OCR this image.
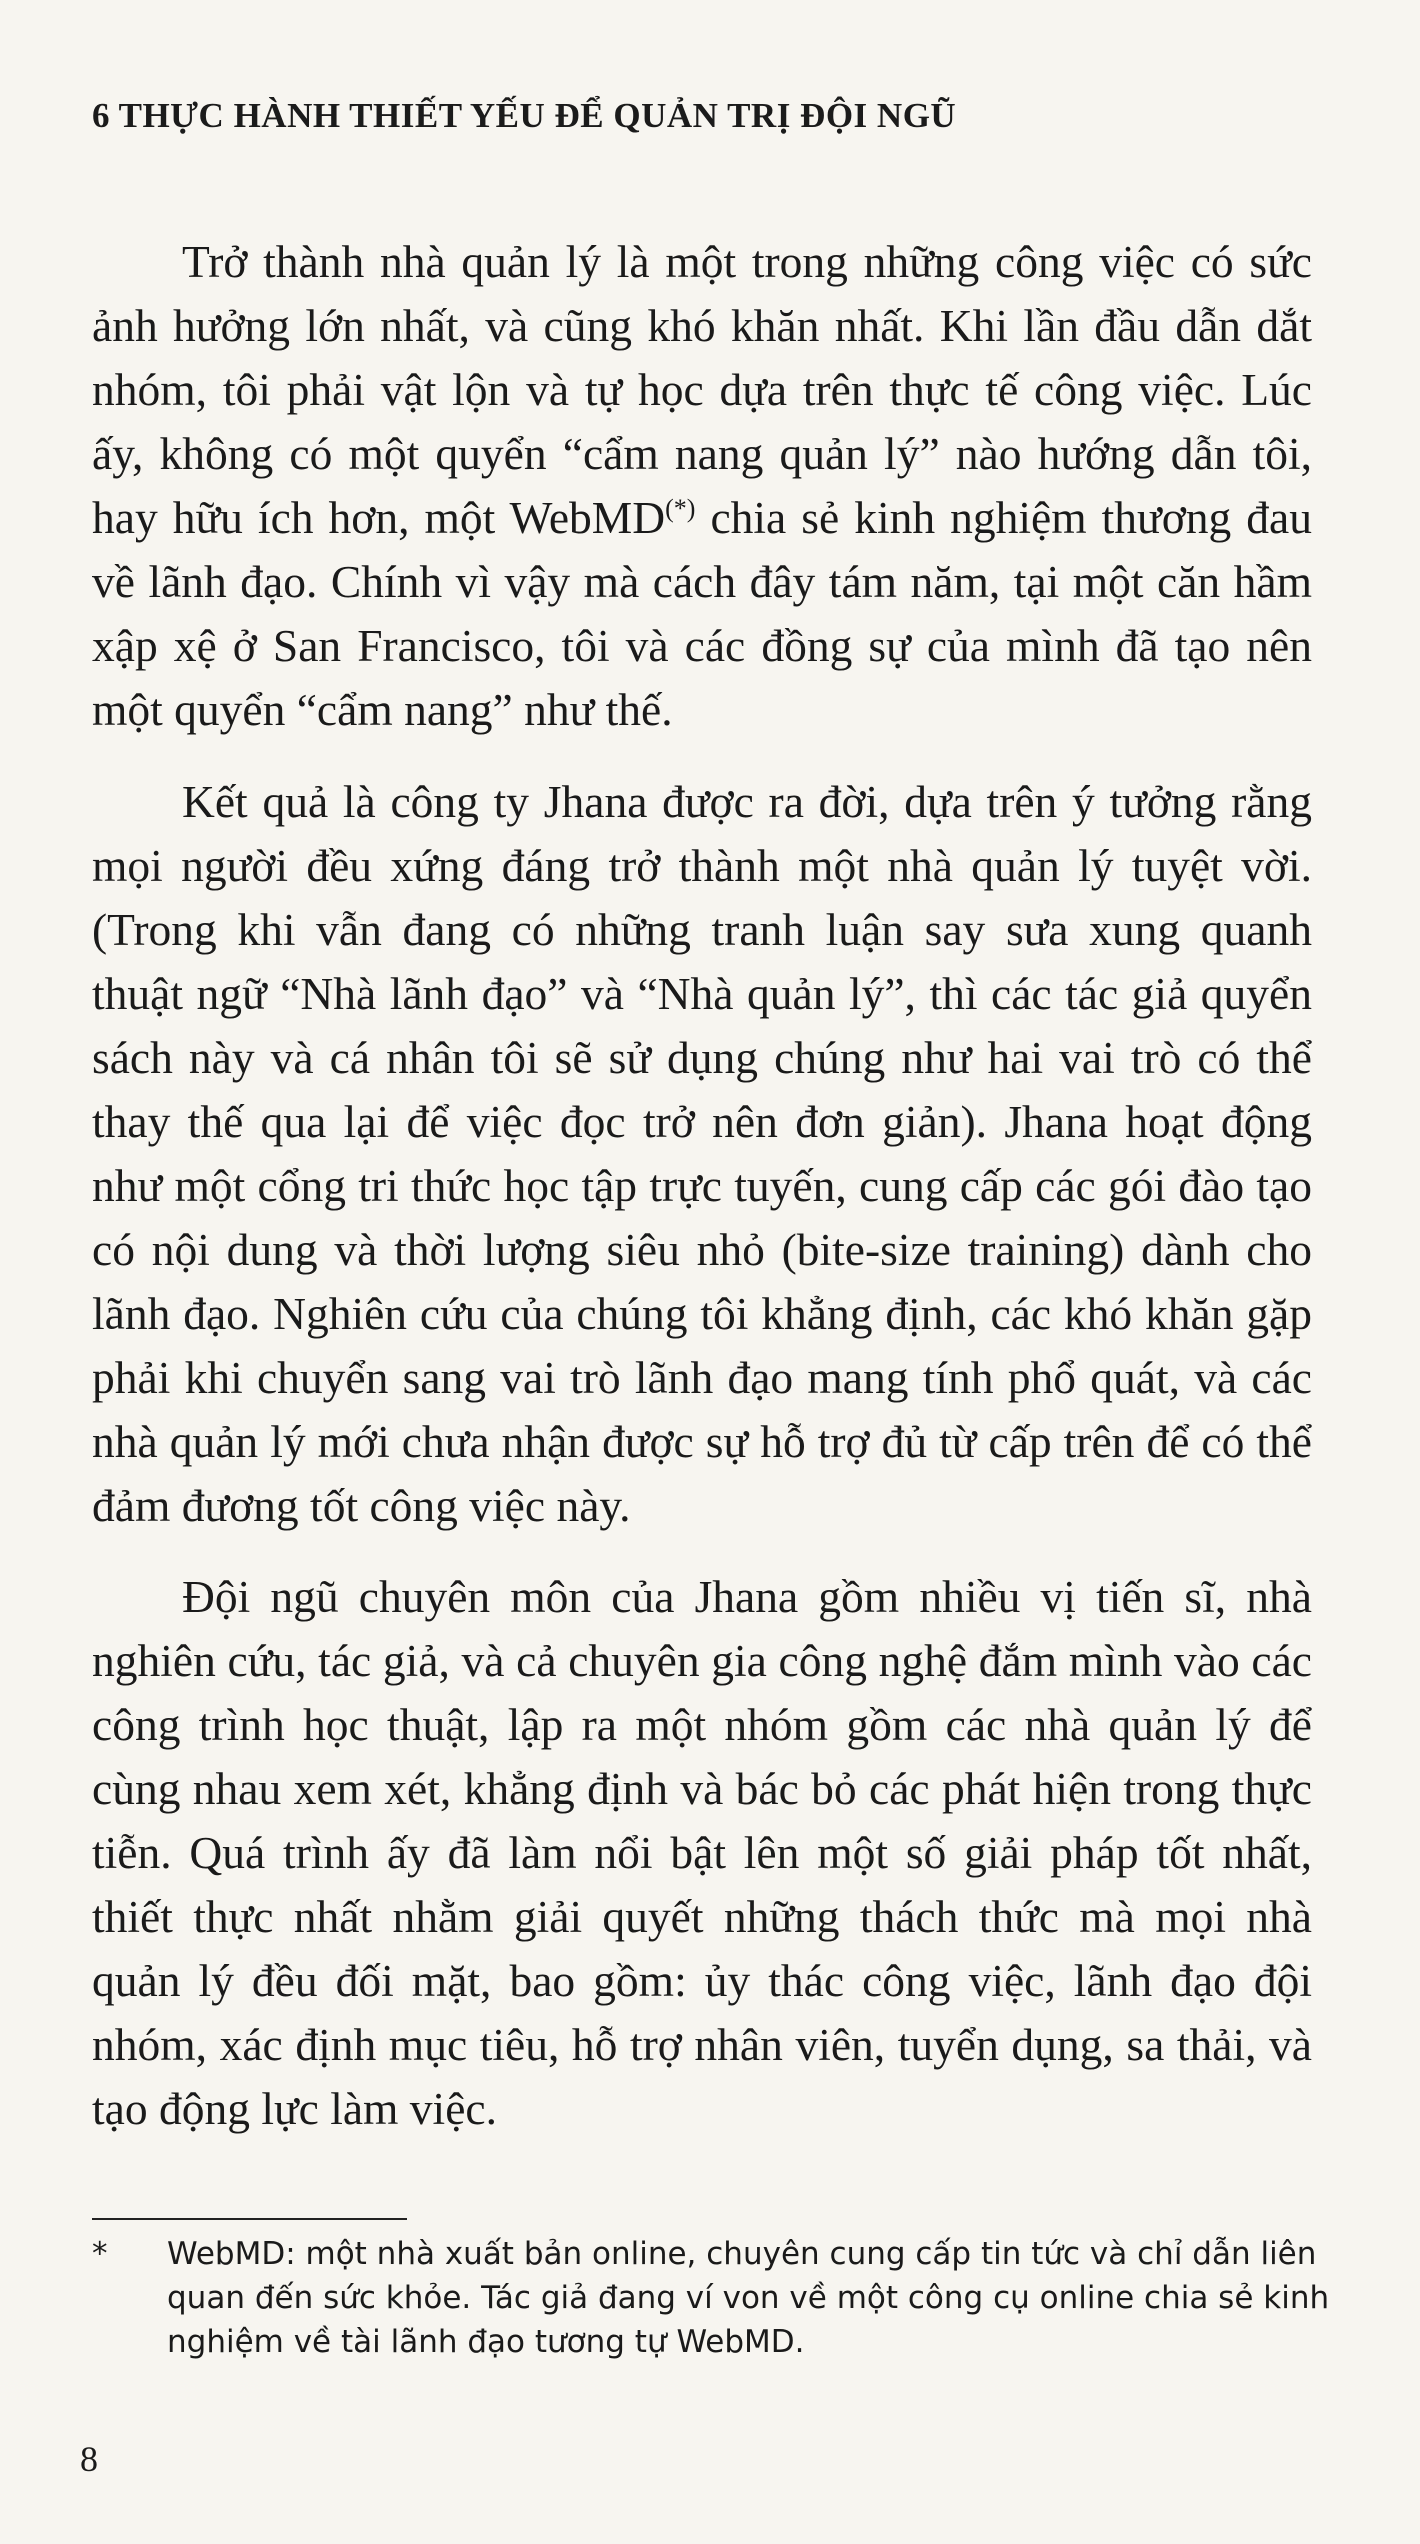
6 THỰC HÀNH THIẾT YẾU ĐỂ QUẢN TRỊ ĐỘI NGŨ

Trở thành nhà quản lý là một trong những công việc có sức ảnh hưởng lớn nhất, và cũng khó khăn nhất. Khi lần đầu dẫn dắt nhóm, tôi phải vật lộn và tự học dựa trên thực tế công việc. Lúc ấy, không có một quyển “cẩm nang quản lý” nào hướng dẫn tôi, hay hữu ích hơn, một WebMD(*) chia sẻ kinh nghiệm thương đau về lãnh đạo. Chính vì vậy mà cách đây tám năm, tại một căn hầm xập xệ ở San Francisco, tôi và các đồng sự của mình đã tạo nên một quyển “cẩm nang” như thế.

Kết quả là công ty Jhana được ra đời, dựa trên ý tưởng rằng mọi người đều xứng đáng trở thành một nhà quản lý tuyệt vời. (Trong khi vẫn đang có những tranh luận say sưa xung quanh thuật ngữ “Nhà lãnh đạo” và “Nhà quản lý”, thì các tác giả quyển sách này và cá nhân tôi sẽ sử dụng chúng như hai vai trò có thể thay thế qua lại để việc đọc trở nên đơn giản). Jhana hoạt động như một cổng tri thức học tập trực tuyến, cung cấp các gói đào tạo có nội dung và thời lượng siêu nhỏ (bite-size training) dành cho lãnh đạo. Nghiên cứu của chúng tôi khẳng định, các khó khăn gặp phải khi chuyển sang vai trò lãnh đạo mang tính phổ quát, và các nhà quản lý mới chưa nhận được sự hỗ trợ đủ từ cấp trên để có thể đảm đương tốt công việc này.

Đội ngũ chuyên môn của Jhana gồm nhiều vị tiến sĩ, nhà nghiên cứu, tác giả, và cả chuyên gia công nghệ đắm mình vào các công trình học thuật, lập ra một nhóm gồm các nhà quản lý để cùng nhau xem xét, khẳng định và bác bỏ các phát hiện trong thực tiễn. Quá trình ấy đã làm nổi bật lên một số giải pháp tốt nhất, thiết thực nhất nhằm giải quyết những thách thức mà mọi nhà quản lý đều đối mặt, bao gồm: ủy thác công việc, lãnh đạo đội nhóm, xác định mục tiêu, hỗ trợ nhân viên, tuyển dụng, sa thải, và tạo động lực làm việc.

* WebMD: một nhà xuất bản online, chuyên cung cấp tin tức và chỉ dẫn liên quan đến sức khỏe. Tác giả đang ví von về một công cụ online chia sẻ kinh nghiệm về tài lãnh đạo tương tự WebMD.
8
